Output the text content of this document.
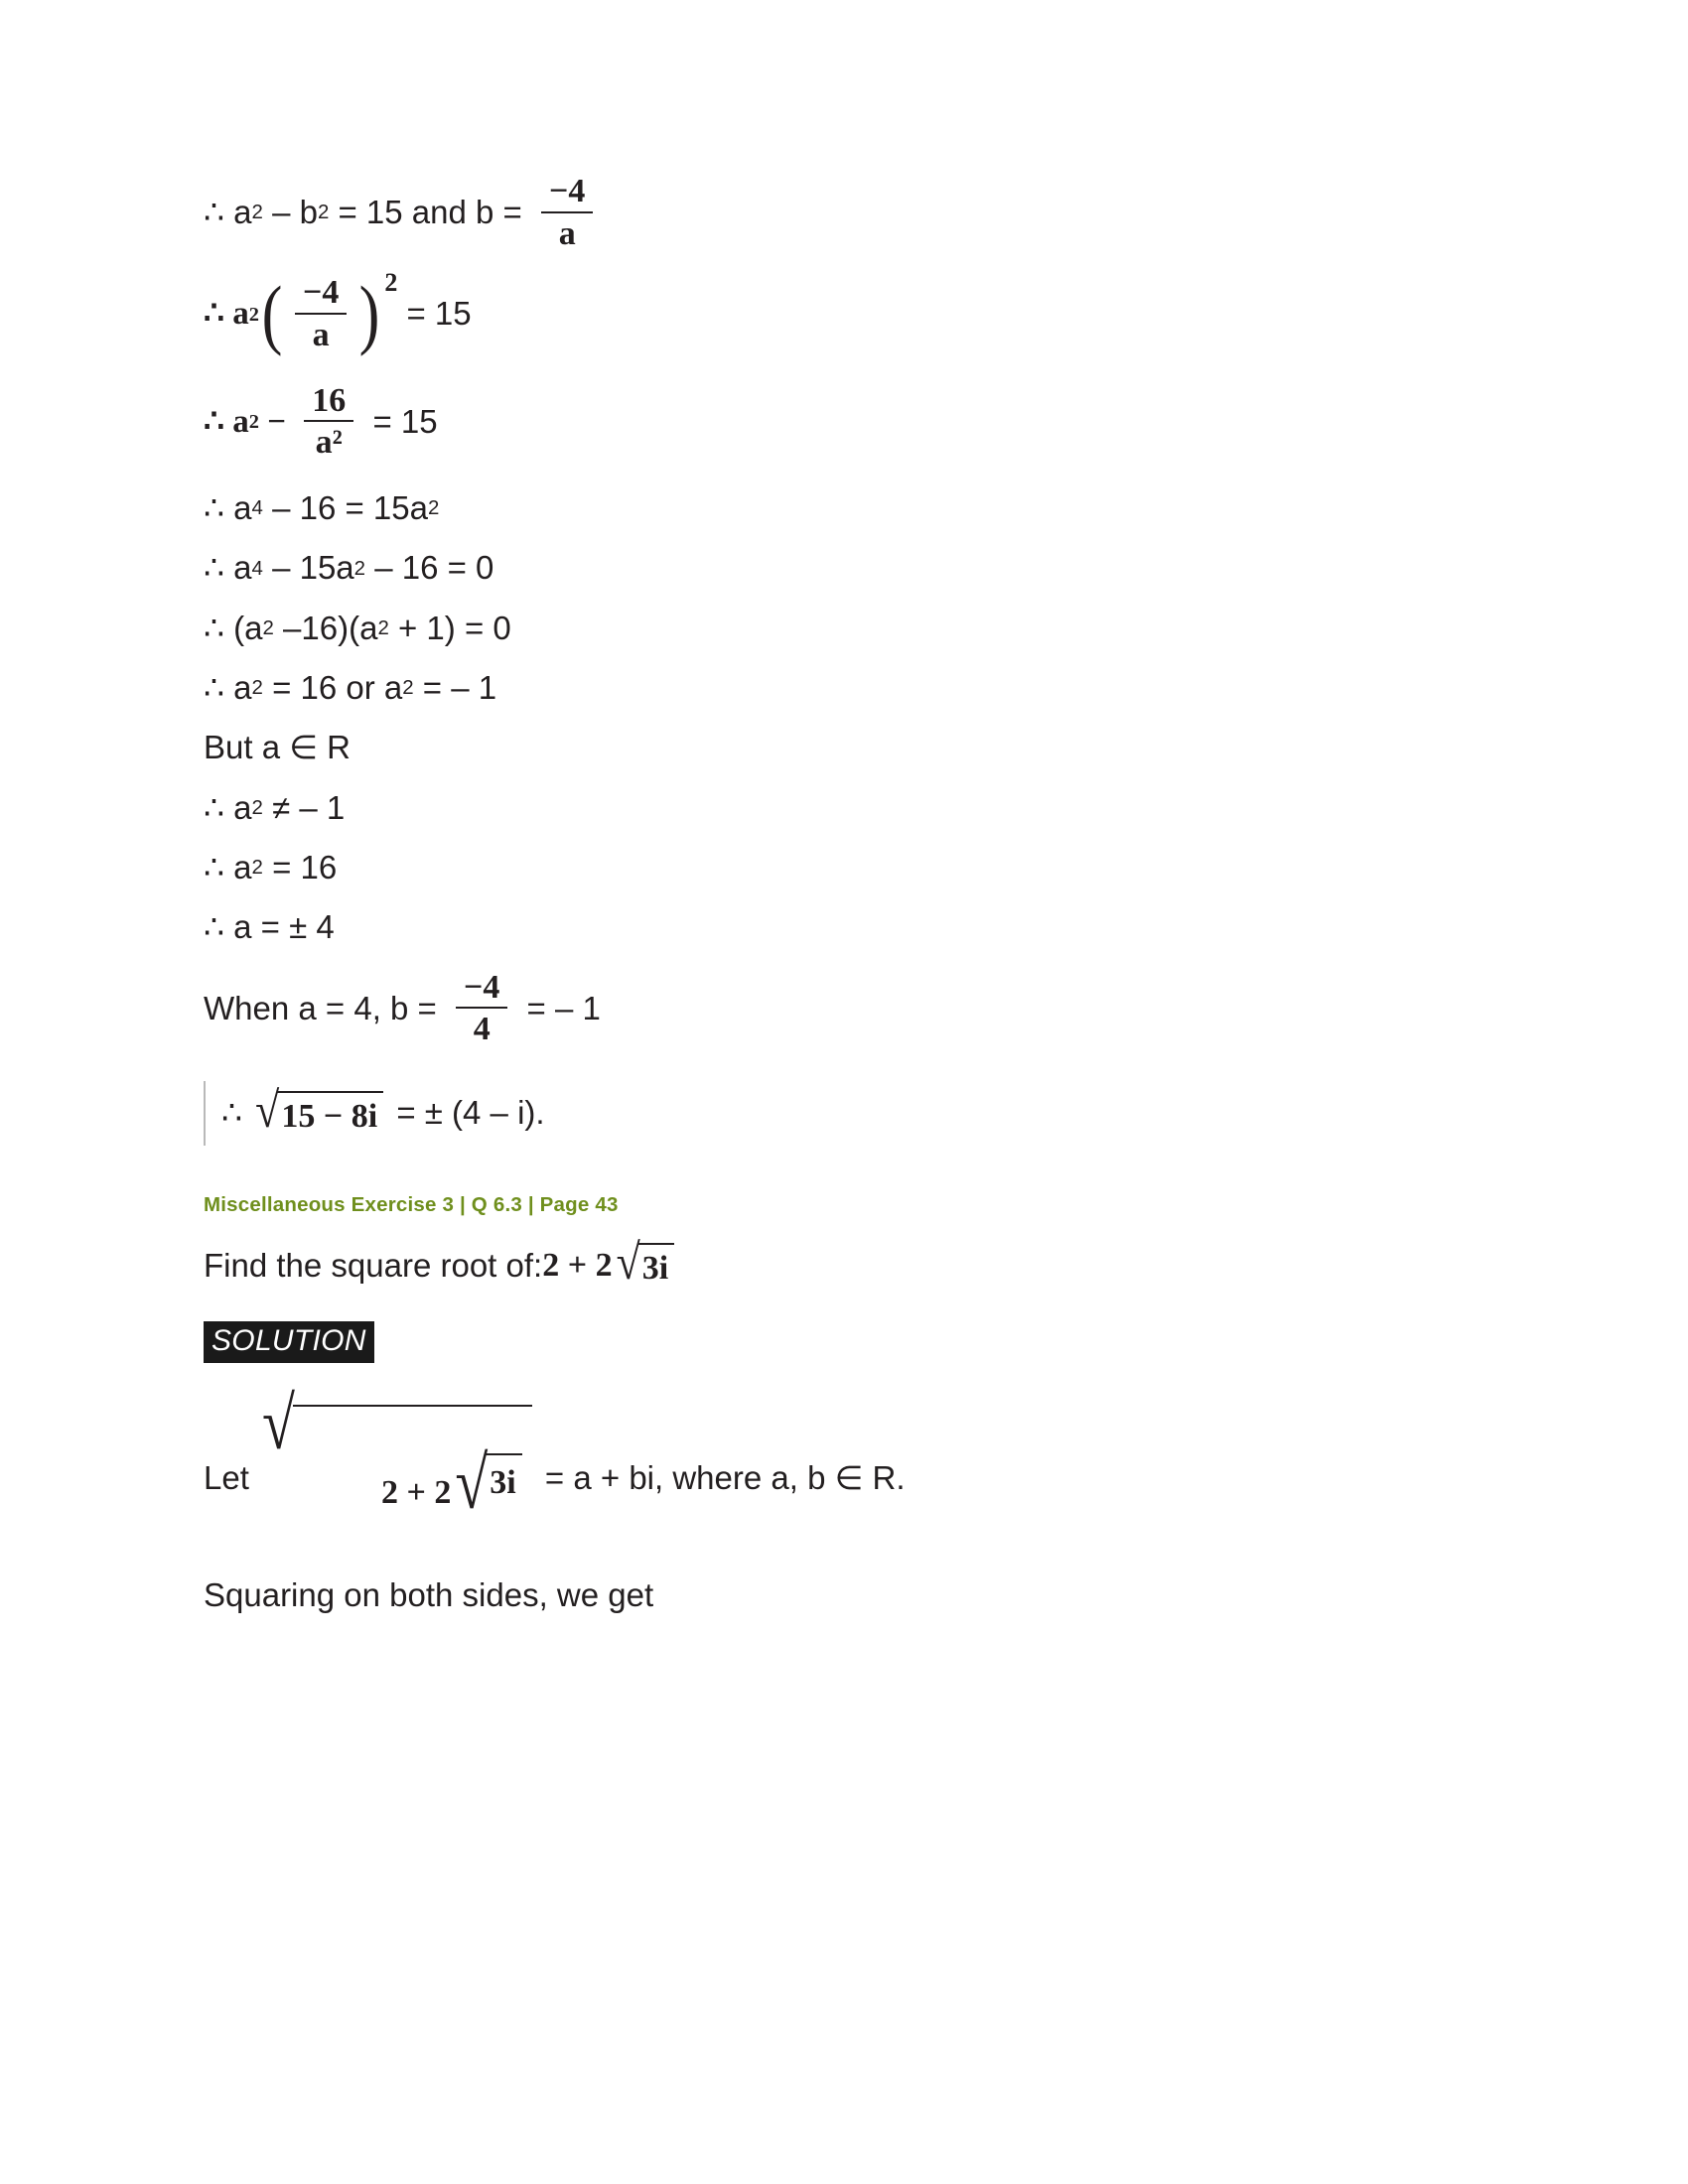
∴ a 2 – b 2 = 15 and $b = \frac{-4}{a}$
∴ a 2 ( $\frac{-4}{a}$ ) 2
= 15
∴ a $2 - \frac{16}{\text{a²}} = 15$
∴ a 4 – 16 = 15a 2
∴ a 4 – 15a 2 – 16 = 0
∴ (a 2 –16)(a 2 + 1) = 0
∴ a 2 = 16 or a 2 = – 1
But a ∈ R
∴ a 2 ≠ – 1
∴ a 2 = 16
∴ a = ± 4
When a = 4, $b = \frac{-4}{4}$ = – 1
∴ √ 15 − 8i = ± (4 – i).
Miscellaneous Exercise 3 | Q 6.3 | Page 43
Find the square root of: 2 + 2 √ 3i
SOLUTION
Let
√

2 + 2 √ 3i

= a + bi, where a, b ∈ R.
Squaring on both sides, we get
